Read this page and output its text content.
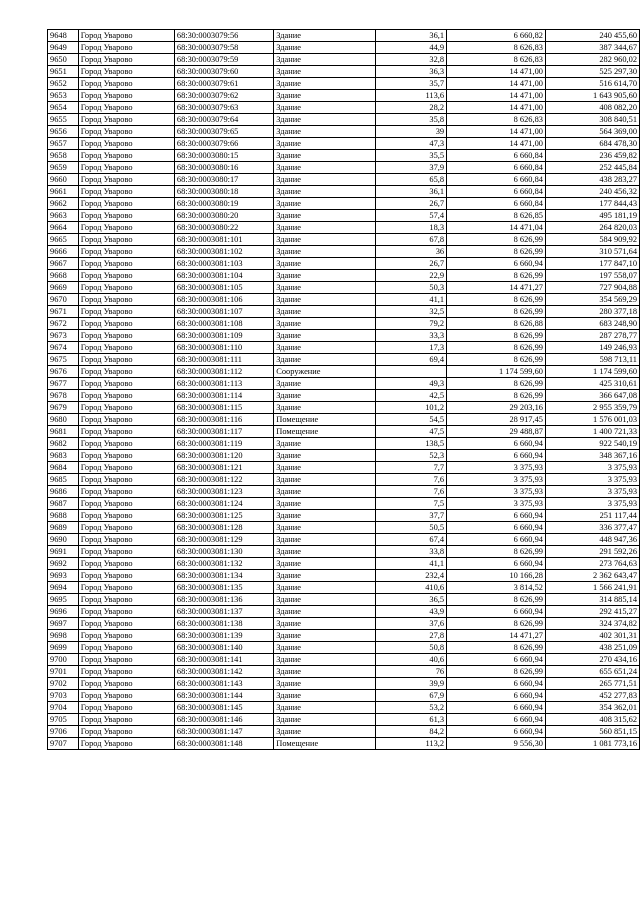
9648	Город Уварово	68:30:0003079:56	Здание	36,1	6 660,82	240 455,60
9649	Город Уварово	68:30:0003079:58	Здание	44,9	8 626,83	387 344,67
9650	Город Уварово	68:30:0003079:59	Здание	32,8	8 626,83	282 960,02
9651	Город Уварово	68:30:0003079:60	Здание	36,3	14 471,00	525 297,30
9652	Город Уварово	68:30:0003079:61	Здание	35,7	14 471,00	516 614,70
9653	Город Уварово	68:30:0003079:62	Здание	113,6	14 471,00	1 643 905,60
9654	Город Уварово	68:30:0003079:63	Здание	28,2	14 471,00	408 082,20
9655	Город Уварово	68:30:0003079:64	Здание	35,8	8 626,83	308 840,51
9656	Город Уварово	68:30:0003079:65	Здание	39	14 471,00	564 369,00
9657	Город Уварово	68:30:0003079:66	Здание	47,3	14 471,00	684 478,30
9658	Город Уварово	68:30:0003080:15	Здание	35,5	6 660,84	236 459,82
9659	Город Уварово	68:30:0003080:16	Здание	37,9	6 660,84	252 445,84
9660	Город Уварово	68:30:0003080:17	Здание	65,8	6 660,84	438 283,27
9661	Город Уварово	68:30:0003080:18	Здание	36,1	6 660,84	240 456,32
9662	Город Уварово	68:30:0003080:19	Здание	26,7	6 660,84	177 844,43
9663	Город Уварово	68:30:0003080:20	Здание	57,4	8 626,85	495 181,19
9664	Город Уварово	68:30:0003080:22	Здание	18,3	14 471,04	264 820,03
9665	Город Уварово	68:30:0003081:101	Здание	67,8	8 626,99	584 909,92
9666	Город Уварово	68:30:0003081:102	Здание	36	8 626,99	310 571,64
9667	Город Уварово	68:30:0003081:103	Здание	26,7	6 660,94	177 847,10
9668	Город Уварово	68:30:0003081:104	Здание	22,9	8 626,99	197 558,07
9669	Город Уварово	68:30:0003081:105	Здание	50,3	14 471,27	727 904,88
9670	Город Уварово	68:30:0003081:106	Здание	41,1	8 626,99	354 569,29
9671	Город Уварово	68:30:0003081:107	Здание	32,5	8 626,99	280 377,18
9672	Город Уварово	68:30:0003081:108	Здание	79,2	8 626,88	683 248,90
9673	Город Уварово	68:30:0003081:109	Здание	33,3	8 626,99	287 278,77
9674	Город Уварово	68:30:0003081:110	Здание	17,3	8 626,99	149 246,93
9675	Город Уварово	68:30:0003081:111	Здание	69,4	8 626,99	598 713,11
9676	Город Уварово	68:30:0003081:112	Сооружение		1 174 599,60	1 174 599,60
9677	Город Уварово	68:30:0003081:113	Здание	49,3	8 626,99	425 310,61
9678	Город Уварово	68:30:0003081:114	Здание	42,5	8 626,99	366 647,08
9679	Город Уварово	68:30:0003081:115	Здание	101,2	29 203,16	2 955 359,79
9680	Город Уварово	68:30:0003081:116	Помещение	54,5	28 917,45	1 576 001,03
9681	Город Уварово	68:30:0003081:117	Помещение	47,5	29 488,87	1 400 721,33
9682	Город Уварово	68:30:0003081:119	Здание	138,5	6 660,94	922 540,19
9683	Город Уварово	68:30:0003081:120	Здание	52,3	6 660,94	348 367,16
9684	Город Уварово	68:30:0003081:121	Здание	7,7	3 375,93	3 375,93
9685	Город Уварово	68:30:0003081:122	Здание	7,6	3 375,93	3 375,93
9686	Город Уварово	68:30:0003081:123	Здание	7,6	3 375,93	3 375,93
9687	Город Уварово	68:30:0003081:124	Здание	7,5	3 375,93	3 375,93
9688	Город Уварово	68:30:0003081:125	Здание	37,7	6 660,94	251 117,44
9689	Город Уварово	68:30:0003081:128	Здание	50,5	6 660,94	336 377,47
9690	Город Уварово	68:30:0003081:129	Здание	67,4	6 660,94	448 947,36
9691	Город Уварово	68:30:0003081:130	Здание	33,8	8 626,99	291 592,26
9692	Город Уварово	68:30:0003081:132	Здание	41,1	6 660,94	273 764,63
9693	Город Уварово	68:30:0003081:134	Здание	232,4	10 166,28	2 362 643,47
9694	Город Уварово	68:30:0003081:135	Здание	410,6	3 814,52	1 566 241,91
9695	Город Уварово	68:30:0003081:136	Здание	36,5	8 626,99	314 885,14
9696	Город Уварово	68:30:0003081:137	Здание	43,9	6 660,94	292 415,27
9697	Город Уварово	68:30:0003081:138	Здание	37,6	8 626,99	324 374,82
9698	Город Уварово	68:30:0003081:139	Здание	27,8	14 471,27	402 301,31
9699	Город Уварово	68:30:0003081:140	Здание	50,8	8 626,99	438 251,09
9700	Город Уварово	68:30:0003081:141	Здание	40,6	6 660,94	270 434,16
9701	Город Уварово	68:30:0003081:142	Здание	76	8 626,99	655 651,24
9702	Город Уварово	68:30:0003081:143	Здание	39,9	6 660,94	265 771,51
9703	Город Уварово	68:30:0003081:144	Здание	67,9	6 660,94	452 277,83
9704	Город Уварово	68:30:0003081:145	Здание	53,2	6 660,94	354 362,01
9705	Город Уварово	68:30:0003081:146	Здание	61,3	6 660,94	408 315,62
9706	Город Уварово	68:30:0003081:147	Здание	84,2	6 660,94	560 851,15
9707	Город Уварово	68:30:0003081:148	Помещение	113,2	9 556,30	1 081 773,16
